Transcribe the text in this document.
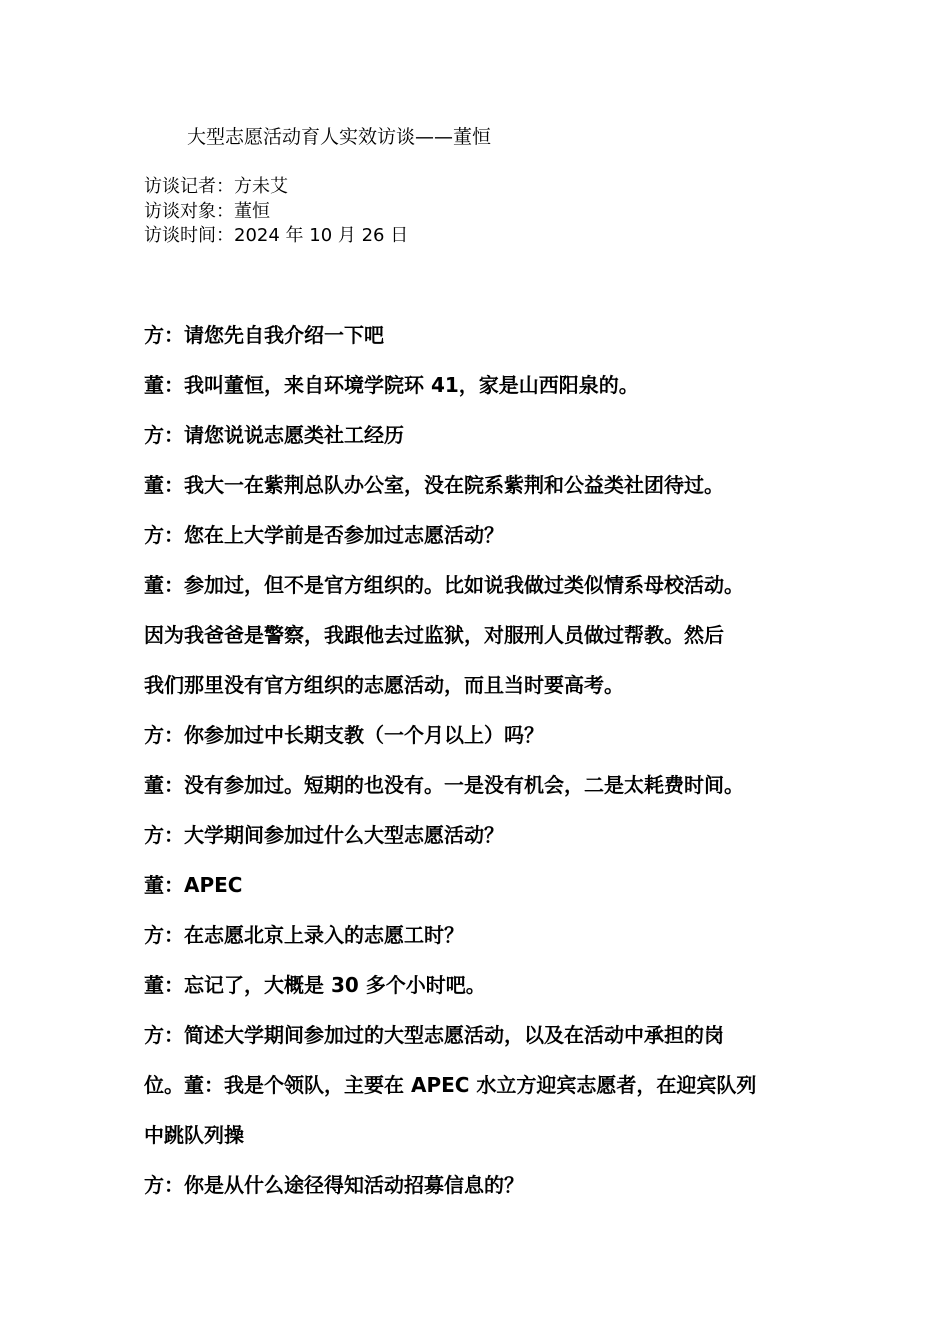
大型志愿活动育人实效访谈——董恒
访谈记者：方未艾
访谈对象：董恒
访谈时间：2024 年 10 月 26 日
方：请您先自我介绍一下吧
董：我叫董恒，来自环境学院环 41，家是山西阳泉的。
方：请您说说志愿类社工经历
董：我大一在紫荆总队办公室，没在院系紫荆和公益类社团待过。
方：您在上大学前是否参加过志愿活动？
董：参加过，但不是官方组织的。比如说我做过类似情系母校活动。
因为我爸爸是警察，我跟他去过监狱，对服刑人员做过帮教。然后
我们那里没有官方组织的志愿活动，而且当时要高考。
方：你参加过中长期支教（一个月以上）吗？
董：没有参加过。短期的也没有。一是没有机会，二是太耗费时间。
方：大学期间参加过什么大型志愿活动？
董：APEC
方：在志愿北京上录入的志愿工时？
董：忘记了，大概是 30 多个小时吧。
方：简述大学期间参加过的大型志愿活动，以及在活动中承担的岗
位。董：我是个领队，主要在 APEC 水立方迎宾志愿者，在迎宾队列
中跳队列操
方：你是从什么途径得知活动招募信息的？
